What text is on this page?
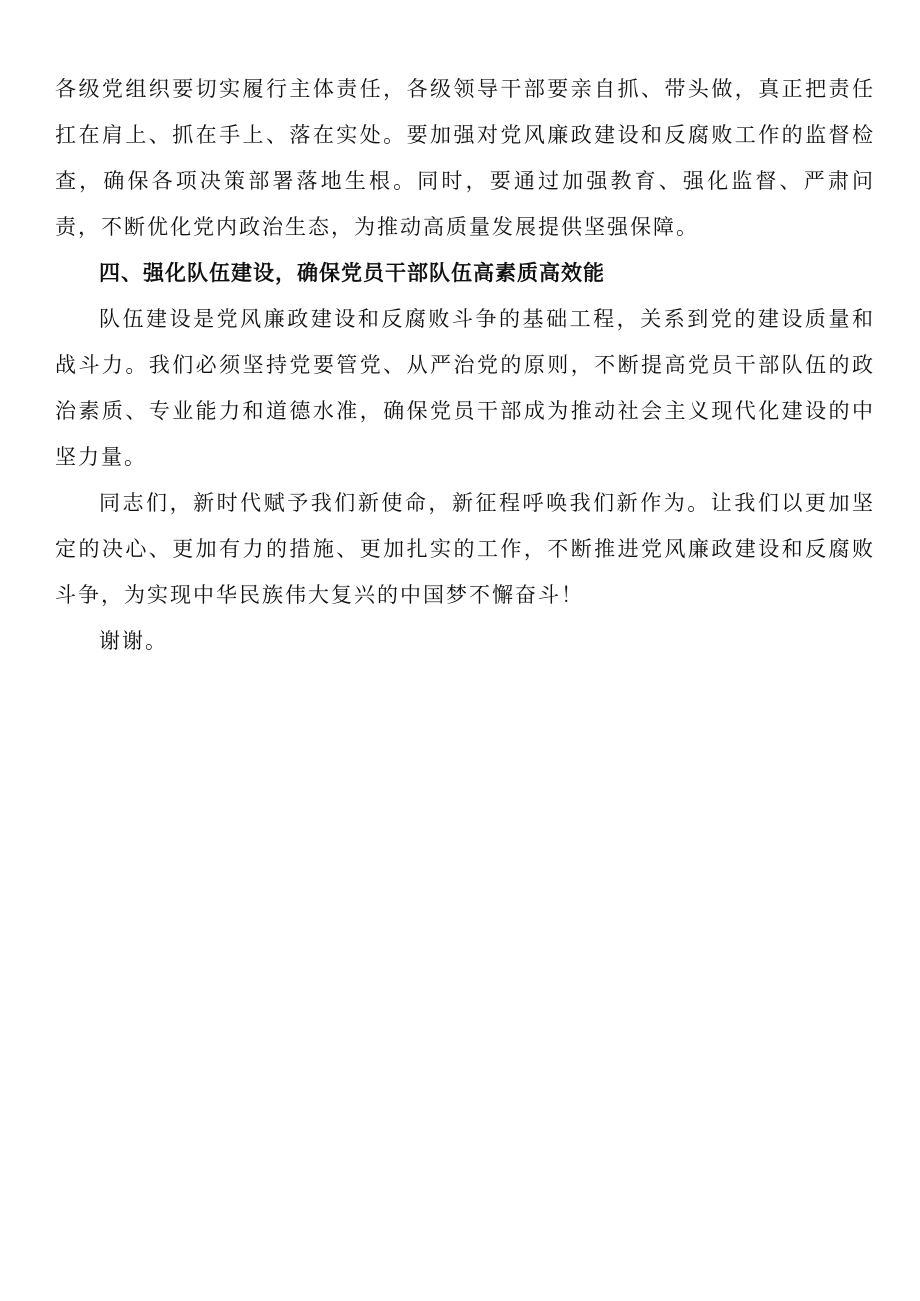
各级党组织要切实履行主体责任，各级领导干部要亲自抓、带头做，真正把责任扛在肩上、抓在手上、落在实处。要加强对党风廉政建设和反腐败工作的监督检查，确保各项决策部署落地生根。同时，要通过加强教育、强化监督、严肃问责，不断优化党内政治生态，为推动高质量发展提供坚强保障。

四、强化队伍建设，确保党员干部队伍高素质高效能

队伍建设是党风廉政建设和反腐败斗争的基础工程，关系到党的建设质量和战斗力。我们必须坚持党要管党、从严治党的原则，不断提高党员干部队伍的政治素质、专业能力和道德水准，确保党员干部成为推动社会主义现代化建设的中坚力量。

同志们，新时代赋予我们新使命，新征程呼唤我们新作为。让我们以更加坚定的决心、更加有力的措施、更加扎实的工作，不断推进党风廉政建设和反腐败斗争，为实现中华民族伟大复兴的中国梦不懈奋斗！

谢谢。
